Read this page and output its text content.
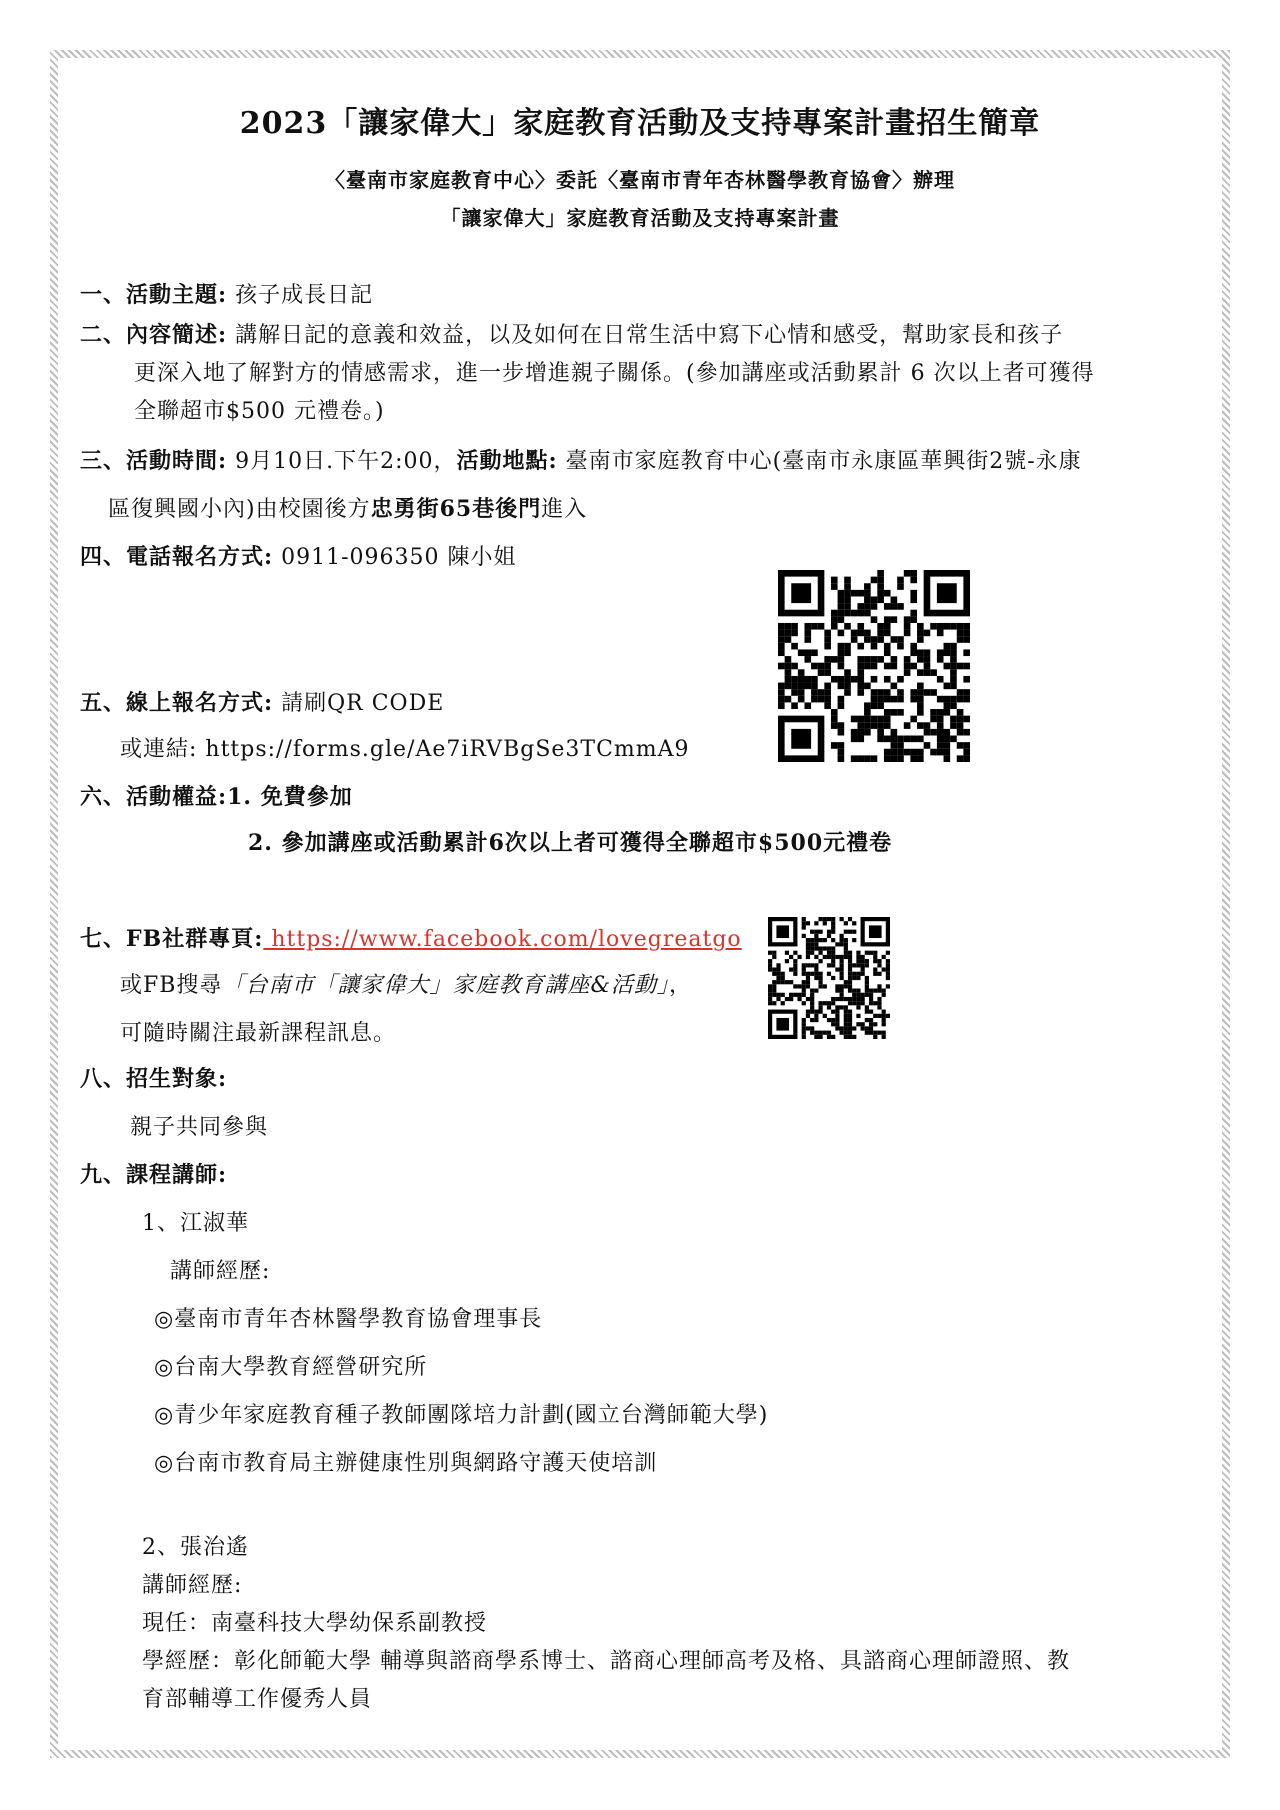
2023「讓家偉大」家庭教育活動及支持專案計畫招生簡章
〈臺南市家庭教育中心〉委託〈臺南市青年杏林醫學教育協會〉辦理
「讓家偉大」家庭教育活動及支持專案計畫
一、活動主題: 孩子成長日記
二、內容簡述: 講解日記的意義和效益，以及如何在日常生活中寫下心情和感受，幫助家長和孩子
更深入地了解對方的情感需求，進一步增進親子關係。(參加講座或活動累計 6 次以上者可獲得
全聯超市$500 元禮卷。)
三、活動時間: 9月10日.下午2:00，活動地點: 臺南市家庭教育中心(臺南市永康區華興街2號-永康
區復興國小內)由校園後方忠勇街65巷後門進入
四、電話報名方式: 0911-096350 陳小姐
五、線上報名方式: 請刷QR CODE
或連結: https://forms.gle/Ae7iRVBgSe3TCmmA9
六、活動權益:1. 免費參加
2. 參加講座或活動累計6次以上者可獲得全聯超市$500元禮卷
七、FB社群專頁: https://www.facebook.com/lovegreatgo
或FB搜尋「台南市「讓家偉大」家庭教育講座&活動」，
可隨時關注最新課程訊息。
八、招生對象:
親子共同參與
九、課程講師:
1、江淑華
講師經歷:
◎臺南市青年杏林醫學教育協會理事長
◎台南大學教育經營研究所
◎青少年家庭教育種子教師團隊培力計劃(國立台灣師範大學)
◎台南市教育局主辦健康性別與網路守護天使培訓
2、張治遙
講師經歷:
現任：南臺科技大學幼保系副教授
學經歷：彰化師範大學 輔導與諮商學系博士、諮商心理師高考及格、具諮商心理師證照、教
育部輔導工作優秀人員
